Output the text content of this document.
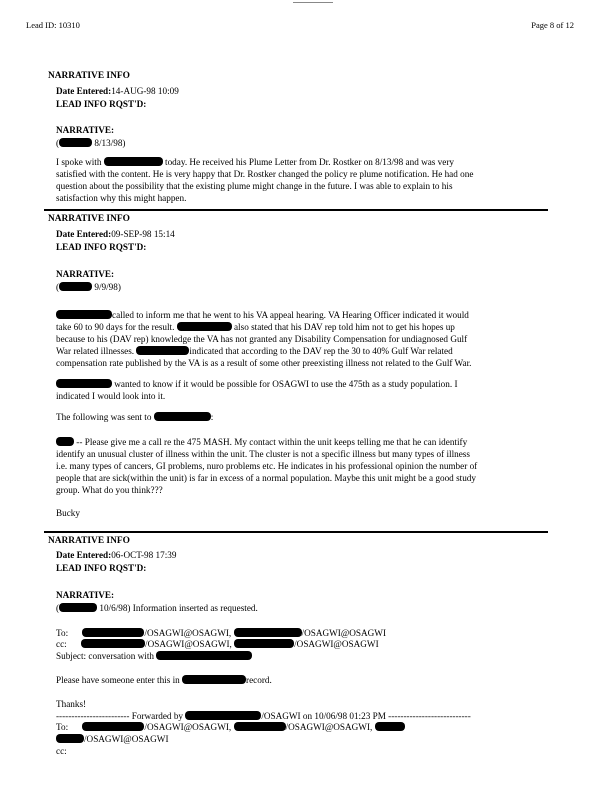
Lead ID: 10310	Page 8 of 12
NARRATIVE INFO
Date Entered:14-AUG-98 10:09
LEAD INFO RQST'D:
NARRATIVE:
(	8/13/98)
I spoke with	today. He received his Plume Letter from Dr. Rostker on 8/13/98 and was very
satisfied with the content. He is very happy that Dr. Rostker changed the policy re plume notification. He had one
question about the possibility that the existing plume might change in the future. I was able to explain to his
satisfaction why this might happen.
NARRATIVE INFO
Date Entered:09-SEP-98 15:14
LEAD INFO RQST'D:
NARRATIVE:
(	9/9/98)
called to inform me that he went to his VA appeal hearing. VA Hearing Officer indicated it would
take 60 to 90 days for the result.	also stated that his DAV rep told him not to get his hopes up
because to his (DAV rep) knowledge the VA has not granted any Disability Compensation for undiagnosed Gulf
War related illnesses.	indicated that according to the DAV rep the 30 to 40% Gulf War related
compensation rate published by the VA is as a result of some other preexisting illness not related to the Gulf War.
wanted to know if it would be possible for OSAGWI to use the 475th as a study population. I
indicated I would look into it.
The following was sent to	:
-- Please give me a call re the 475 MASH. My contact within the unit keeps telling me that he can identify
identify an unusual cluster of illness within the unit. The cluster is not a specific illness but many types of illness
i.e. many types of cancers, GI problems, nuro problems etc. He indicates in his professional opinion the number of
people that are sick(within the unit) is far in excess of a normal population. Maybe this unit might be a good study
group. What do you think???
Bucky
NARRATIVE INFO
Date Entered:06-OCT-98 17:39
LEAD INFO RQST'D:
NARRATIVE:
(	10/6/98) Information inserted as requested.
To:	/OSAGWI@OSAGWI,	/OSAGWI@OSAGWI
cc:	/OSAGWI@OSAGWI,	/OSAGWI@OSAGWI
Subject: conversation with
Please have someone enter this in	record.
Thanks!
------------------------ Forwarded by	/OSAGWI on 10/06/98 01:23 PM ---------------------------
To:	/OSAGWI@OSAGWI,	/OSAGWI@OSAGWI,
/OSAGWI@OSAGWI
cc:
